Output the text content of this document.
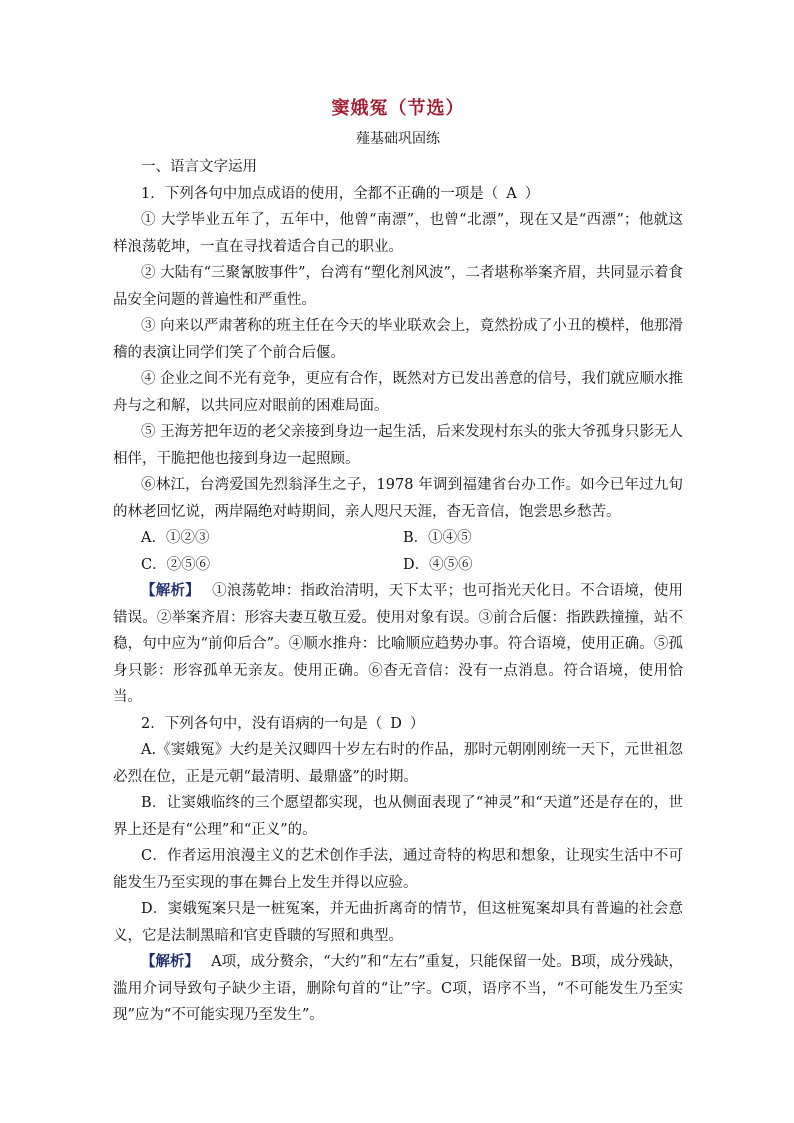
窦娥冤（节选）
薤基础巩固练

一、语言文字运用

1．下列各句中加点成语的使用，全都不正确的一项是（ A ）

① 大学毕业五年了，五年中，他曾“南漂”，也曾“北漂”，现在又是“西漂”；他就这样浪荡乾坤，一直在寻找着适合自己的职业。

② 大陆有“三聚氰胺事件”，台湾有“塑化剂风波”，二者堪称举案齐眉，共同显示着食品安全问题的普遍性和严重性。

③ 向来以严肃著称的班主任在今天的毕业联欢会上，竟然扮成了小丑的模样，他那滑稽的表演让同学们笑了个前合后偃。

④ 企业之间不光有竞争，更应有合作，既然对方已发出善意的信号，我们就应顺水推舟与之和解，以共同应对眼前的困难局面。

⑤ 王海芳把年迈的老父亲接到身边一起生活，后来发现村东头的张大爷孤身只影无人相伴，干脆把他也接到身边一起照顾。

⑥林江，台湾爱国先烈翁泽生之子，1978 年调到福建省台办工作。如今已年过九旬的林老回忆说，两岸隔绝对峙期间，亲人咫尺天涯，杳无音信，饱尝思乡愁苦。

A．①②③	B．①④⑤
C．②⑤⑥	D．④⑤⑥

【解析】 ①浪荡乾坤：指政治清明，天下太平；也可指光天化日。不合语境，使用错误。②举案齐眉：形容夫妻互敬互爱。使用对象有误。③前合后偃：指跌跌撞撞，站不稳，句中应为“前仰后合”。④顺水推舟：比喻顺应趋势办事。符合语境，使用正确。⑤孤身只影：形容孤单无亲友。使用正确。⑥杳无音信：没有一点消息。符合语境，使用恰当。

2．下列各句中，没有语病的一句是（ D ）

A.《窦娥冤》大约是关汉卿四十岁左右时的作品，那时元朝刚刚统一天下，元世祖忽必烈在位，正是元朝“最清明、最鼎盛”的时期。

B．让窦娥临终的三个愿望都实现，也从侧面表现了“神灵”和“天道”还是存在的，世界上还是有“公理”和“正义”的。

C．作者运用浪漫主义的艺术创作手法，通过奇特的构思和想象，让现实生活中不可能发生乃至实现的事在舞台上发生并得以应验。

D．窦娥冤案只是一桩冤案，并无曲折离奇的情节，但这桩冤案却具有普遍的社会意义，它是法制黑暗和官吏昏聩的写照和典型。

【解析】 A项，成分赘余，“大约”和“左右”重复，只能保留一处。B项，成分残缺，滥用介词导致句子缺少主语，删除句首的“让”字。C项，语序不当，“不可能发生乃至实现”应为“不可能实现乃至发生”。
